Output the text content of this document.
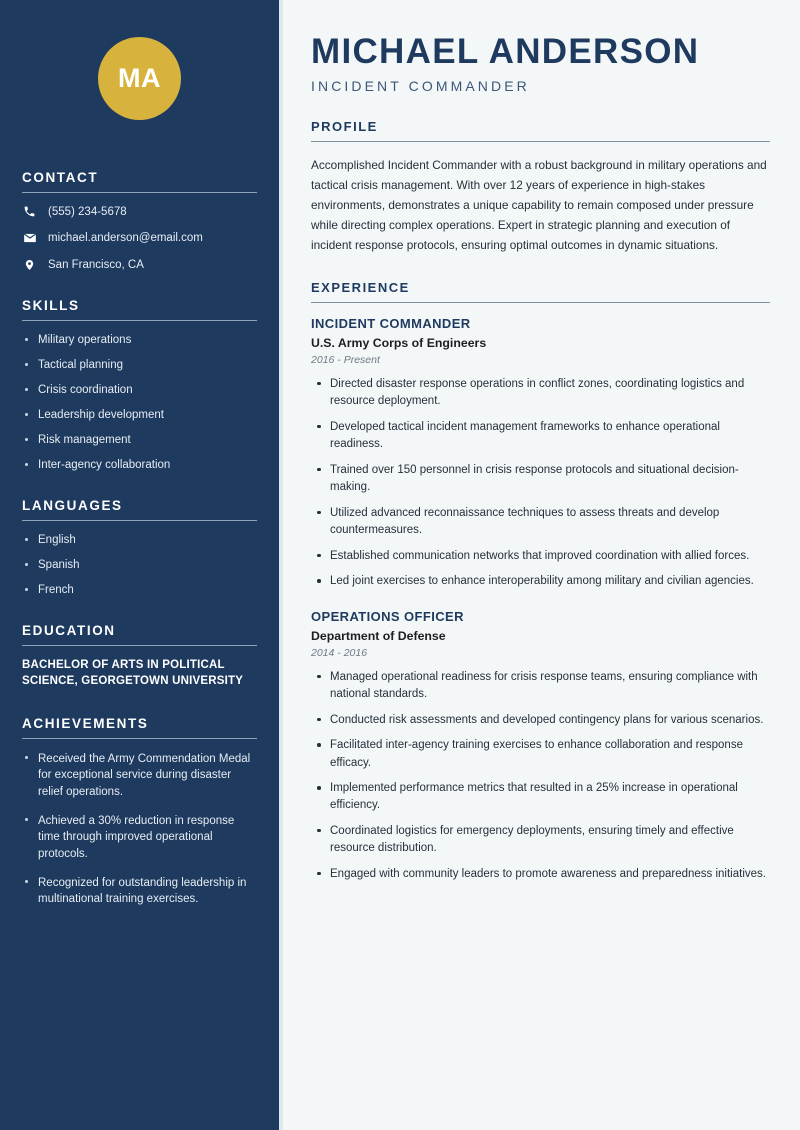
MA
CONTACT
(555) 234-5678
michael.anderson@email.com
San Francisco, CA
SKILLS
Military operations
Tactical planning
Crisis coordination
Leadership development
Risk management
Inter-agency collaboration
LANGUAGES
English
Spanish
French
EDUCATION
BACHELOR OF ARTS IN POLITICAL SCIENCE, GEORGETOWN UNIVERSITY
ACHIEVEMENTS
Received the Army Commendation Medal for exceptional service during disaster relief operations.
Achieved a 30% reduction in response time through improved operational protocols.
Recognized for outstanding leadership in multinational training exercises.
MICHAEL ANDERSON
INCIDENT COMMANDER
PROFILE

Accomplished Incident Commander with a robust background in military operations and tactical crisis management. With over 12 years of experience in high-stakes environments, demonstrates a unique capability to remain composed under pressure while directing complex operations. Expert in strategic planning and execution of incident response protocols, ensuring optimal outcomes in dynamic situations.

EXPERIENCE
INCIDENT COMMANDER
U.S. Army Corps of Engineers
2016 - Present
Directed disaster response operations in conflict zones, coordinating logistics and resource deployment.
Developed tactical incident management frameworks to enhance operational readiness.
Trained over 150 personnel in crisis response protocols and situational decision-making.
Utilized advanced reconnaissance techniques to assess threats and develop countermeasures.
Established communication networks that improved coordination with allied forces.
Led joint exercises to enhance interoperability among military and civilian agencies.
OPERATIONS OFFICER
Department of Defense
2014 - 2016
Managed operational readiness for crisis response teams, ensuring compliance with national standards.
Conducted risk assessments and developed contingency plans for various scenarios.
Facilitated inter-agency training exercises to enhance collaboration and response efficacy.
Implemented performance metrics that resulted in a 25% increase in operational efficiency.
Coordinated logistics for emergency deployments, ensuring timely and effective resource distribution.
Engaged with community leaders to promote awareness and preparedness initiatives.
